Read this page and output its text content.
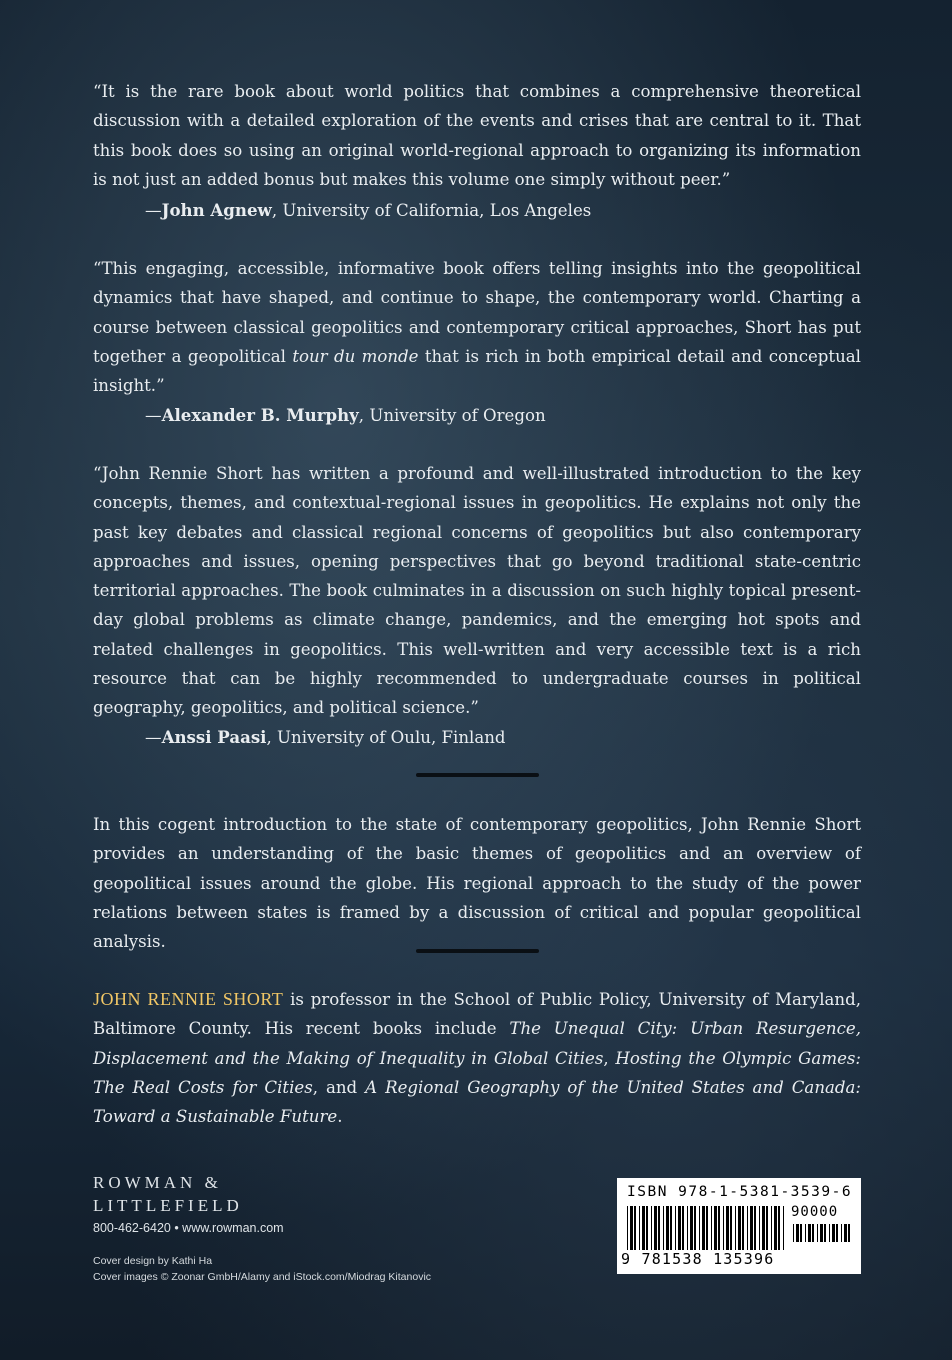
“It is the rare book about world politics that combines a comprehensive theoretical discussion with a detailed exploration of the events and crises that are central to it. That this book does so using an original world-regional approach to organizing its information is not just an added bonus but makes this volume one simply without peer.”

—John Agnew, University of California, Los Angeles

“This engaging, accessible, informative book offers telling insights into the geopolitical dynamics that have shaped, and continue to shape, the contemporary world. Charting a course between classical geopolitics and contemporary critical approaches, Short has put together a geopolitical tour du monde that is rich in both empirical detail and conceptual insight.”

—Alexander B. Murphy, University of Oregon

“John Rennie Short has written a profound and well-illustrated introduction to the key concepts, themes, and contextual-regional issues in geopolitics. He explains not only the past key debates and classical regional concerns of geopolitics but also contemporary approaches and issues, opening perspectives that go beyond traditional state-centric territorial approaches. The book culminates in a discussion on such highly topical present-day global problems as climate change, pandemics, and the emerging hot spots and related challenges in geopolitics. This well-written and very accessible text is a rich resource that can be highly recommended to undergraduate courses in political geography, geopolitics, and political science.”

—Anssi Paasi, University of Oulu, Finland

In this cogent introduction to the state of contemporary geopolitics, John Rennie Short provides an understanding of the basic themes of geopolitics and an overview of geopolitical issues around the globe. His regional approach to the study of the power relations between states is framed by a discussion of critical and popular geopolitical analysis.

JOHN RENNIE SHORT is professor in the School of Public Policy, University of Maryland, Baltimore County. His recent books include The Unequal City: Urban Resurgence, Displacement and the Making of Inequality in Global Cities, Hosting the Olympic Games: The Real Costs for Cities, and A Regional Geography of the United States and Canada: Toward a Sustainable Future.

ROWMAN &
LITTLEFIELD
800-462-6420 • www.rowman.com
Cover design by Kathi Ha
Cover images © Zoonar GmbH/Alamy and iStock.com/Miodrag Kitanovic
ISBN 978-1-5381-3539-6
90000
9 781538 135396
